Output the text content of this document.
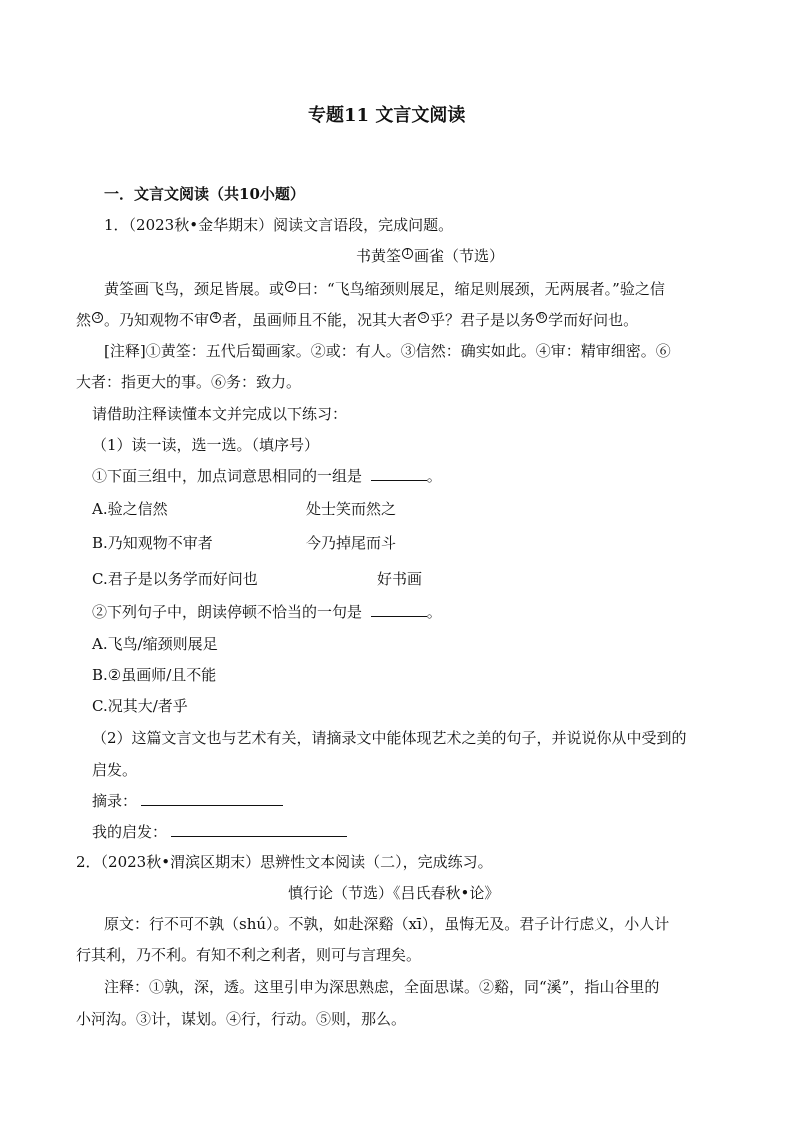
专题11 文言文阅读
一．文言文阅读（共10小题）
1．（2023秋•金华期末）阅读文言语段，完成问题。
书黄筌 $^1$ 画雀（节选）
黄筌画飞鸟，颈足皆展。或 $^2$ 曰：“飞鸟缩颈则展足，缩足则展颈，无两展者。”验之信
然 $^3$ 。乃知观物不审 $^4$ 者，虽画师且不能，况其大者 $^5$ 乎？君子是以务 $^6$ 学而好问也。
[注释]①黄筌：五代后蜀画家。②或：有人。③信然：确实如此。④审：精审细密。⑥
大者：指更大的事。⑥务：致力。
请借助注释读懂本文并完成以下练习：
（1）读一读，选一选。（填序号）
①下面三组中，加点词意思相同的一组是	。
A.验之信然	处士笑而然之
B.乃知观物不审者	今乃掉尾而斗
C.君子是以务学而好问也	好书画
②下列句子中，朗读停顿不恰当的一句是	。
A.飞鸟/缩颈则展足
B.②虽画师/且不能
C.况其大/者乎
（2）这篇文言文也与艺术有关，请摘录文中能体现艺术之美的句子，并说说你从中受到的
启发。
摘录：
我的启发：
2．（2023秋•渭滨区期末）思辨性文本阅读（二），完成练习。
慎行论（节选）《吕氏春秋•论》
原文：行不可不孰（shú）。不孰，如赴深谿（xī），虽悔无及。君子计行虑义，小人计
行其利，乃不利。有知不利之利者，则可与言理矣。
注释：①孰，深，透。这里引申为深思熟虑，全面思谋。②谿，同“溪”，指山谷里的
小河沟。③计，谋划。④行，行动。⑤则，那么。
